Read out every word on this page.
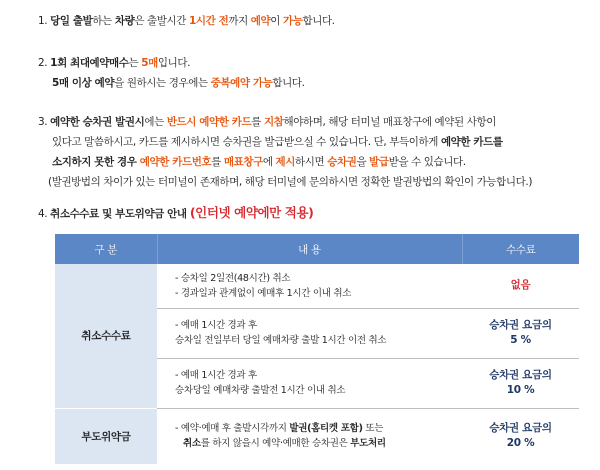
1. 당일 출발하는 차량은 출발시간 1시간 전까지 예약이 가능합니다.
2. 1회 최대예약매수는 5매입니다.
5매 이상 예약을 원하시는 경우에는 중복예약 가능합니다.
3. 예약한 승차권 발권시에는 반드시 예약한 카드를 지참해야하며, 해당 터미널 매표창구에 예약된 사항이
있다고 말씀하시고, 카드를 제시하시면 승차권을 발급받으실 수 있습니다. 단, 부득이하게 예약한 카드를
소지하지 못한 경우 예약한 카드번호를 매표창구에 제시하시면 승차권을 발급받을 수 있습니다.
(발권방법의 차이가 있는 터미널이 존재하며, 해당 터미널에 문의하시면 정확한 발권방법의 확인이 가능합니다.)
4. 취소수수료 및 부도위약금 안내 (인터넷 예약에만 적용)
구 분	내 용	수수료
취소수수료	- 승차일 2일전(48시간) 취소
- 경과일과 관계없이 예매후 1시간 이내 취소	없음

	- 예매 1시간 경과 후
승차일 전일부터 당일 예매차량 출발 1시간 이전 취소	승차권 요금의
5 %

	- 예매 1시간 경과 후
승차당일 예매차량 출발전 1시간 이내 취소	승차권 요금의
10 %

부도위약금	- 예약·예매 후 출발시각까지 발권(홈티켓 포함) 또는
취소를 하지 않을시 예약·예매한 승차권은 부도처리	승차권 요금의
20 %
